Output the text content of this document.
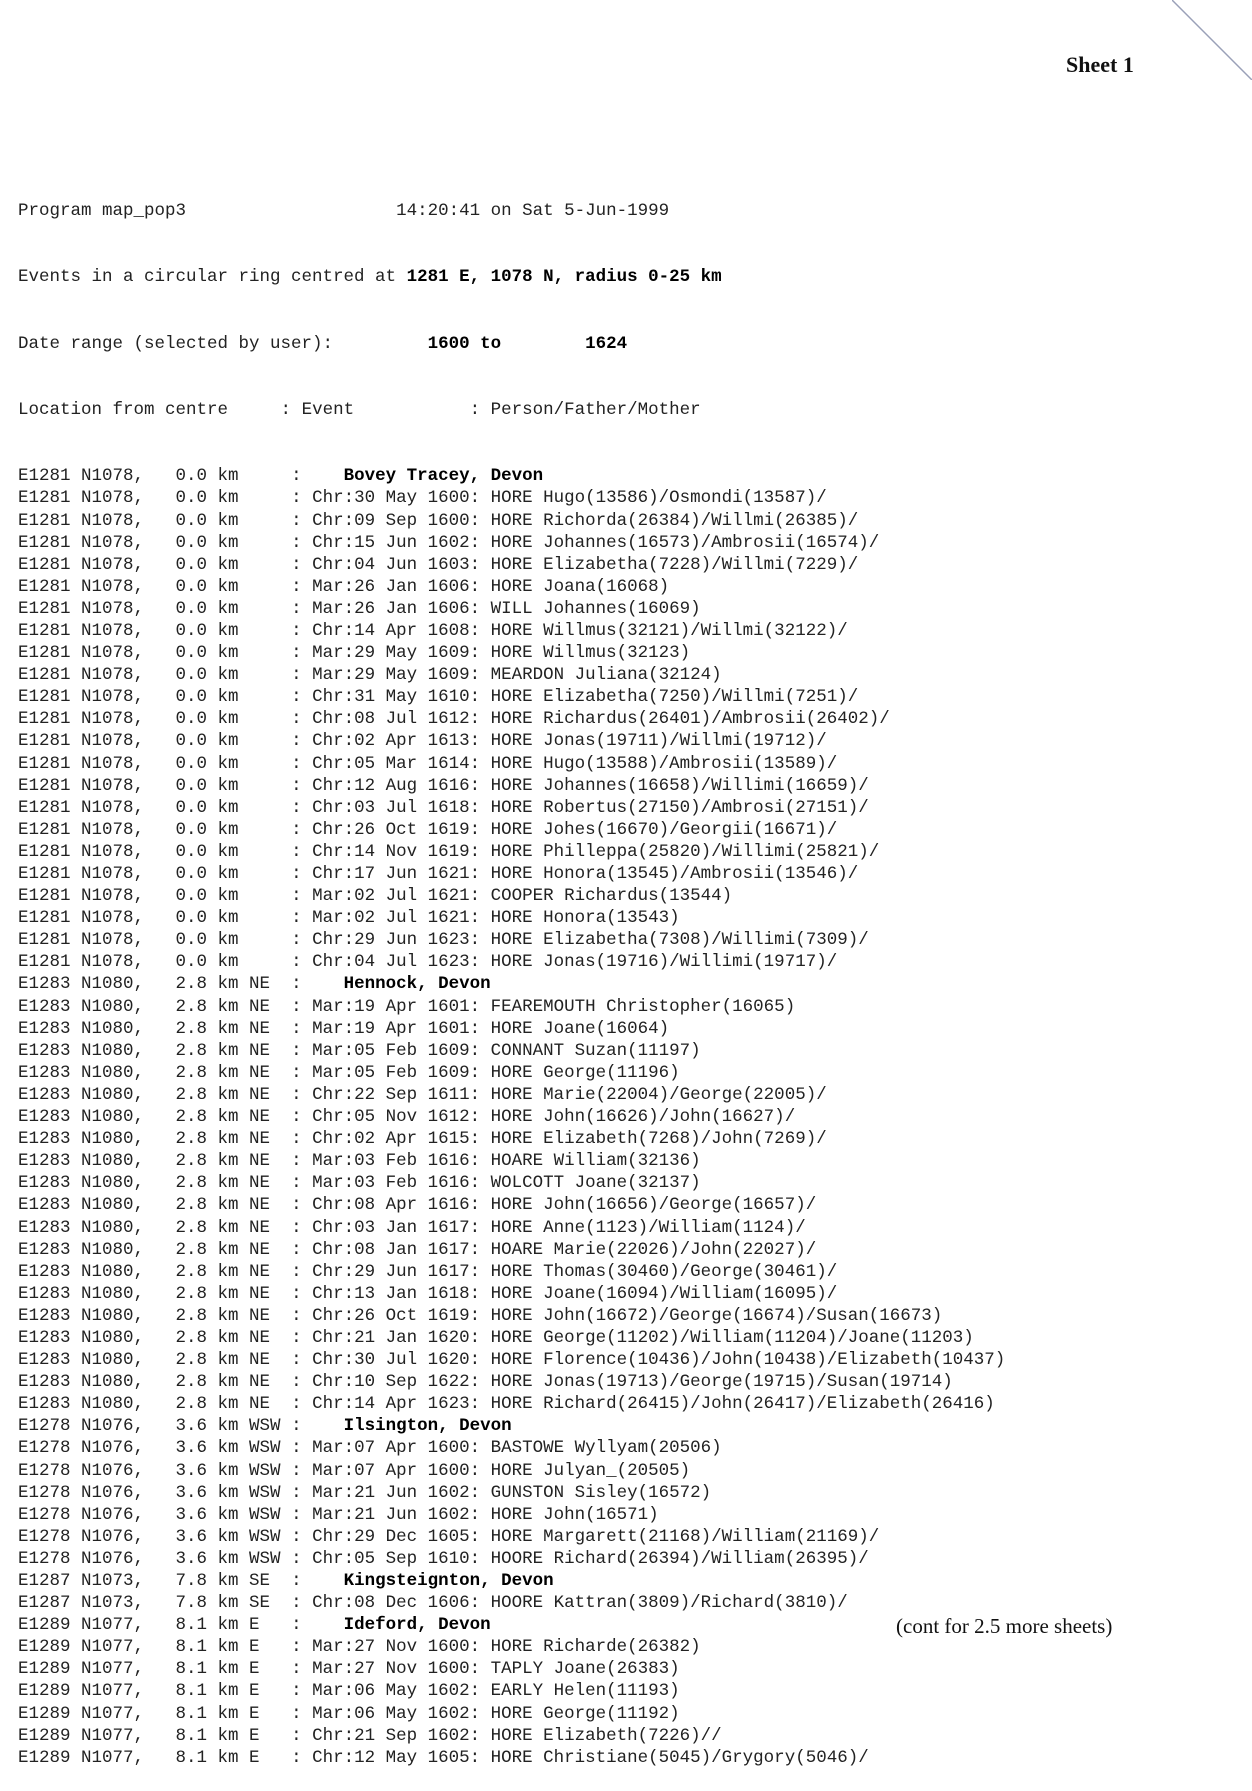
Sheet 1

Program map_pop3	14:20:41 on Sat 5-Jun-1999

Events in a circular ring centred at 1281 E, 1078 N, radius 0-25 km

Date range (selected by user):	1600 to	1624

Location from centre     : Event           : Person/Father/Mother

E1281 N1078, 0.0 km     :    Bovey Tracey, Devon
E1281 N1078, 0.0 km     : Chr:30 May 1600: HORE Hugo(13586)/Osmondi(13587)/
E1281 N1078, 0.0 km     : Chr:09 Sep 1600: HORE Richorda(26384)/Willmi(26385)/
E1281 N1078, 0.0 km     : Chr:15 Jun 1602: HORE Johannes(16573)/Ambrosii(16574)/
E1281 N1078, 0.0 km     : Chr:04 Jun 1603: HORE Elizabetha(7228)/Willmi(7229)/
E1281 N1078, 0.0 km     : Mar:26 Jan 1606: HORE Joana(16068)
E1281 N1078, 0.0 km     : Mar:26 Jan 1606: WILL Johannes(16069)
E1281 N1078, 0.0 km     : Chr:14 Apr 1608: HORE Willmus(32121)/Willmi(32122)/
E1281 N1078, 0.0 km     : Mar:29 May 1609: HORE Willmus(32123)
E1281 N1078, 0.0 km     : Mar:29 May 1609: MEARDON Juliana(32124)
E1281 N1078, 0.0 km     : Chr:31 May 1610: HORE Elizabetha(7250)/Willmi(7251)/
E1281 N1078, 0.0 km     : Chr:08 Jul 1612: HORE Richardus(26401)/Ambrosii(26402)/
E1281 N1078, 0.0 km     : Chr:02 Apr 1613: HORE Jonas(19711)/Willmi(19712)/
E1281 N1078, 0.0 km     : Chr:05 Mar 1614: HORE Hugo(13588)/Ambrosii(13589)/
E1281 N1078, 0.0 km     : Chr:12 Aug 1616: HORE Johannes(16658)/Willimi(16659)/
E1281 N1078, 0.0 km     : Chr:03 Jul 1618: HORE Robertus(27150)/Ambrosi(27151)/
E1281 N1078, 0.0 km     : Chr:26 Oct 1619: HORE Johes(16670)/Georgii(16671)/
E1281 N1078, 0.0 km     : Chr:14 Nov 1619: HORE Philleppa(25820)/Willimi(25821)/
E1281 N1078, 0.0 km     : Chr:17 Jun 1621: HORE Honora(13545)/Ambrosii(13546)/
E1281 N1078, 0.0 km     : Mar:02 Jul 1621: COOPER Richardus(13544)
E1281 N1078, 0.0 km     : Mar:02 Jul 1621: HORE Honora(13543)
E1281 N1078, 0.0 km     : Chr:29 Jun 1623: HORE Elizabetha(7308)/Willimi(7309)/
E1281 N1078, 0.0 km     : Chr:04 Jul 1623: HORE Jonas(19716)/Willimi(19717)/
E1283 N1080, 2.8 km NE  :    Hennock, Devon
E1283 N1080, 2.8 km NE  : Mar:19 Apr 1601: FEAREMOUTH Christopher(16065)
E1283 N1080, 2.8 km NE  : Mar:19 Apr 1601: HORE Joane(16064)
E1283 N1080, 2.8 km NE  : Mar:05 Feb 1609: CONNANT Suzan(11197)
E1283 N1080, 2.8 km NE  : Mar:05 Feb 1609: HORE George(11196)
E1283 N1080, 2.8 km NE  : Chr:22 Sep 1611: HORE Marie(22004)/George(22005)/
E1283 N1080, 2.8 km NE  : Chr:05 Nov 1612: HORE John(16626)/John(16627)/
E1283 N1080, 2.8 km NE  : Chr:02 Apr 1615: HORE Elizabeth(7268)/John(7269)/
E1283 N1080, 2.8 km NE  : Mar:03 Feb 1616: HOARE William(32136)
E1283 N1080, 2.8 km NE  : Mar:03 Feb 1616: WOLCOTT Joane(32137)
E1283 N1080, 2.8 km NE  : Chr:08 Apr 1616: HORE John(16656)/George(16657)/
E1283 N1080, 2.8 km NE  : Chr:03 Jan 1617: HORE Anne(1123)/William(1124)/
E1283 N1080, 2.8 km NE  : Chr:08 Jan 1617: HOARE Marie(22026)/John(22027)/
E1283 N1080, 2.8 km NE  : Chr:29 Jun 1617: HORE Thomas(30460)/George(30461)/
E1283 N1080, 2.8 km NE  : Chr:13 Jan 1618: HORE Joane(16094)/William(16095)/
E1283 N1080, 2.8 km NE  : Chr:26 Oct 1619: HORE John(16672)/George(16674)/Susan(16673)
E1283 N1080, 2.8 km NE  : Chr:21 Jan 1620: HORE George(11202)/William(11204)/Joane(11203)
E1283 N1080, 2.8 km NE  : Chr:30 Jul 1620: HORE Florence(10436)/John(10438)/Elizabeth(10437)
E1283 N1080, 2.8 km NE  : Chr:10 Sep 1622: HORE Jonas(19713)/George(19715)/Susan(19714)
E1283 N1080, 2.8 km NE  : Chr:14 Apr 1623: HORE Richard(26415)/John(26417)/Elizabeth(26416)
E1278 N1076, 3.6 km WSW :    Ilsington, Devon
E1278 N1076, 3.6 km WSW : Mar:07 Apr 1600: BASTOWE Wyllyam(20506)
E1278 N1076, 3.6 km WSW : Mar:07 Apr 1600: HORE Julyan_(20505)
E1278 N1076, 3.6 km WSW : Mar:21 Jun 1602: GUNSTON Sisley(16572)
E1278 N1076, 3.6 km WSW : Mar:21 Jun 1602: HORE John(16571)
E1278 N1076, 3.6 km WSW : Chr:29 Dec 1605: HORE Margarett(21168)/William(21169)/
E1278 N1076, 3.6 km WSW : Chr:05 Sep 1610: HOORE Richard(26394)/William(26395)/
E1287 N1073, 7.8 km SE  :    Kingsteignton, Devon
E1287 N1073, 7.8 km SE  : Chr:08 Dec 1606: HOORE Kattran(3809)/Richard(3810)/
E1289 N1077, 8.1 km E   :    Ideford, Devon
E1289 N1077, 8.1 km E   : Mar:27 Nov 1600: HORE Richarde(26382)
E1289 N1077, 8.1 km E   : Mar:27 Nov 1600: TAPLY Joane(26383)
E1289 N1077, 8.1 km E   : Mar:06 May 1602: EARLY Helen(11193)
E1289 N1077, 8.1 km E   : Mar:06 May 1602: HORE George(11192)
E1289 N1077, 8.1 km E   : Chr:21 Sep 1602: HORE Elizabeth(7226)//
E1289 N1077, 8.1 km E   : Chr:12 May 1605: HORE Christiane(5045)/Grygory(5046)/

(cont for 2.5 more sheets)
